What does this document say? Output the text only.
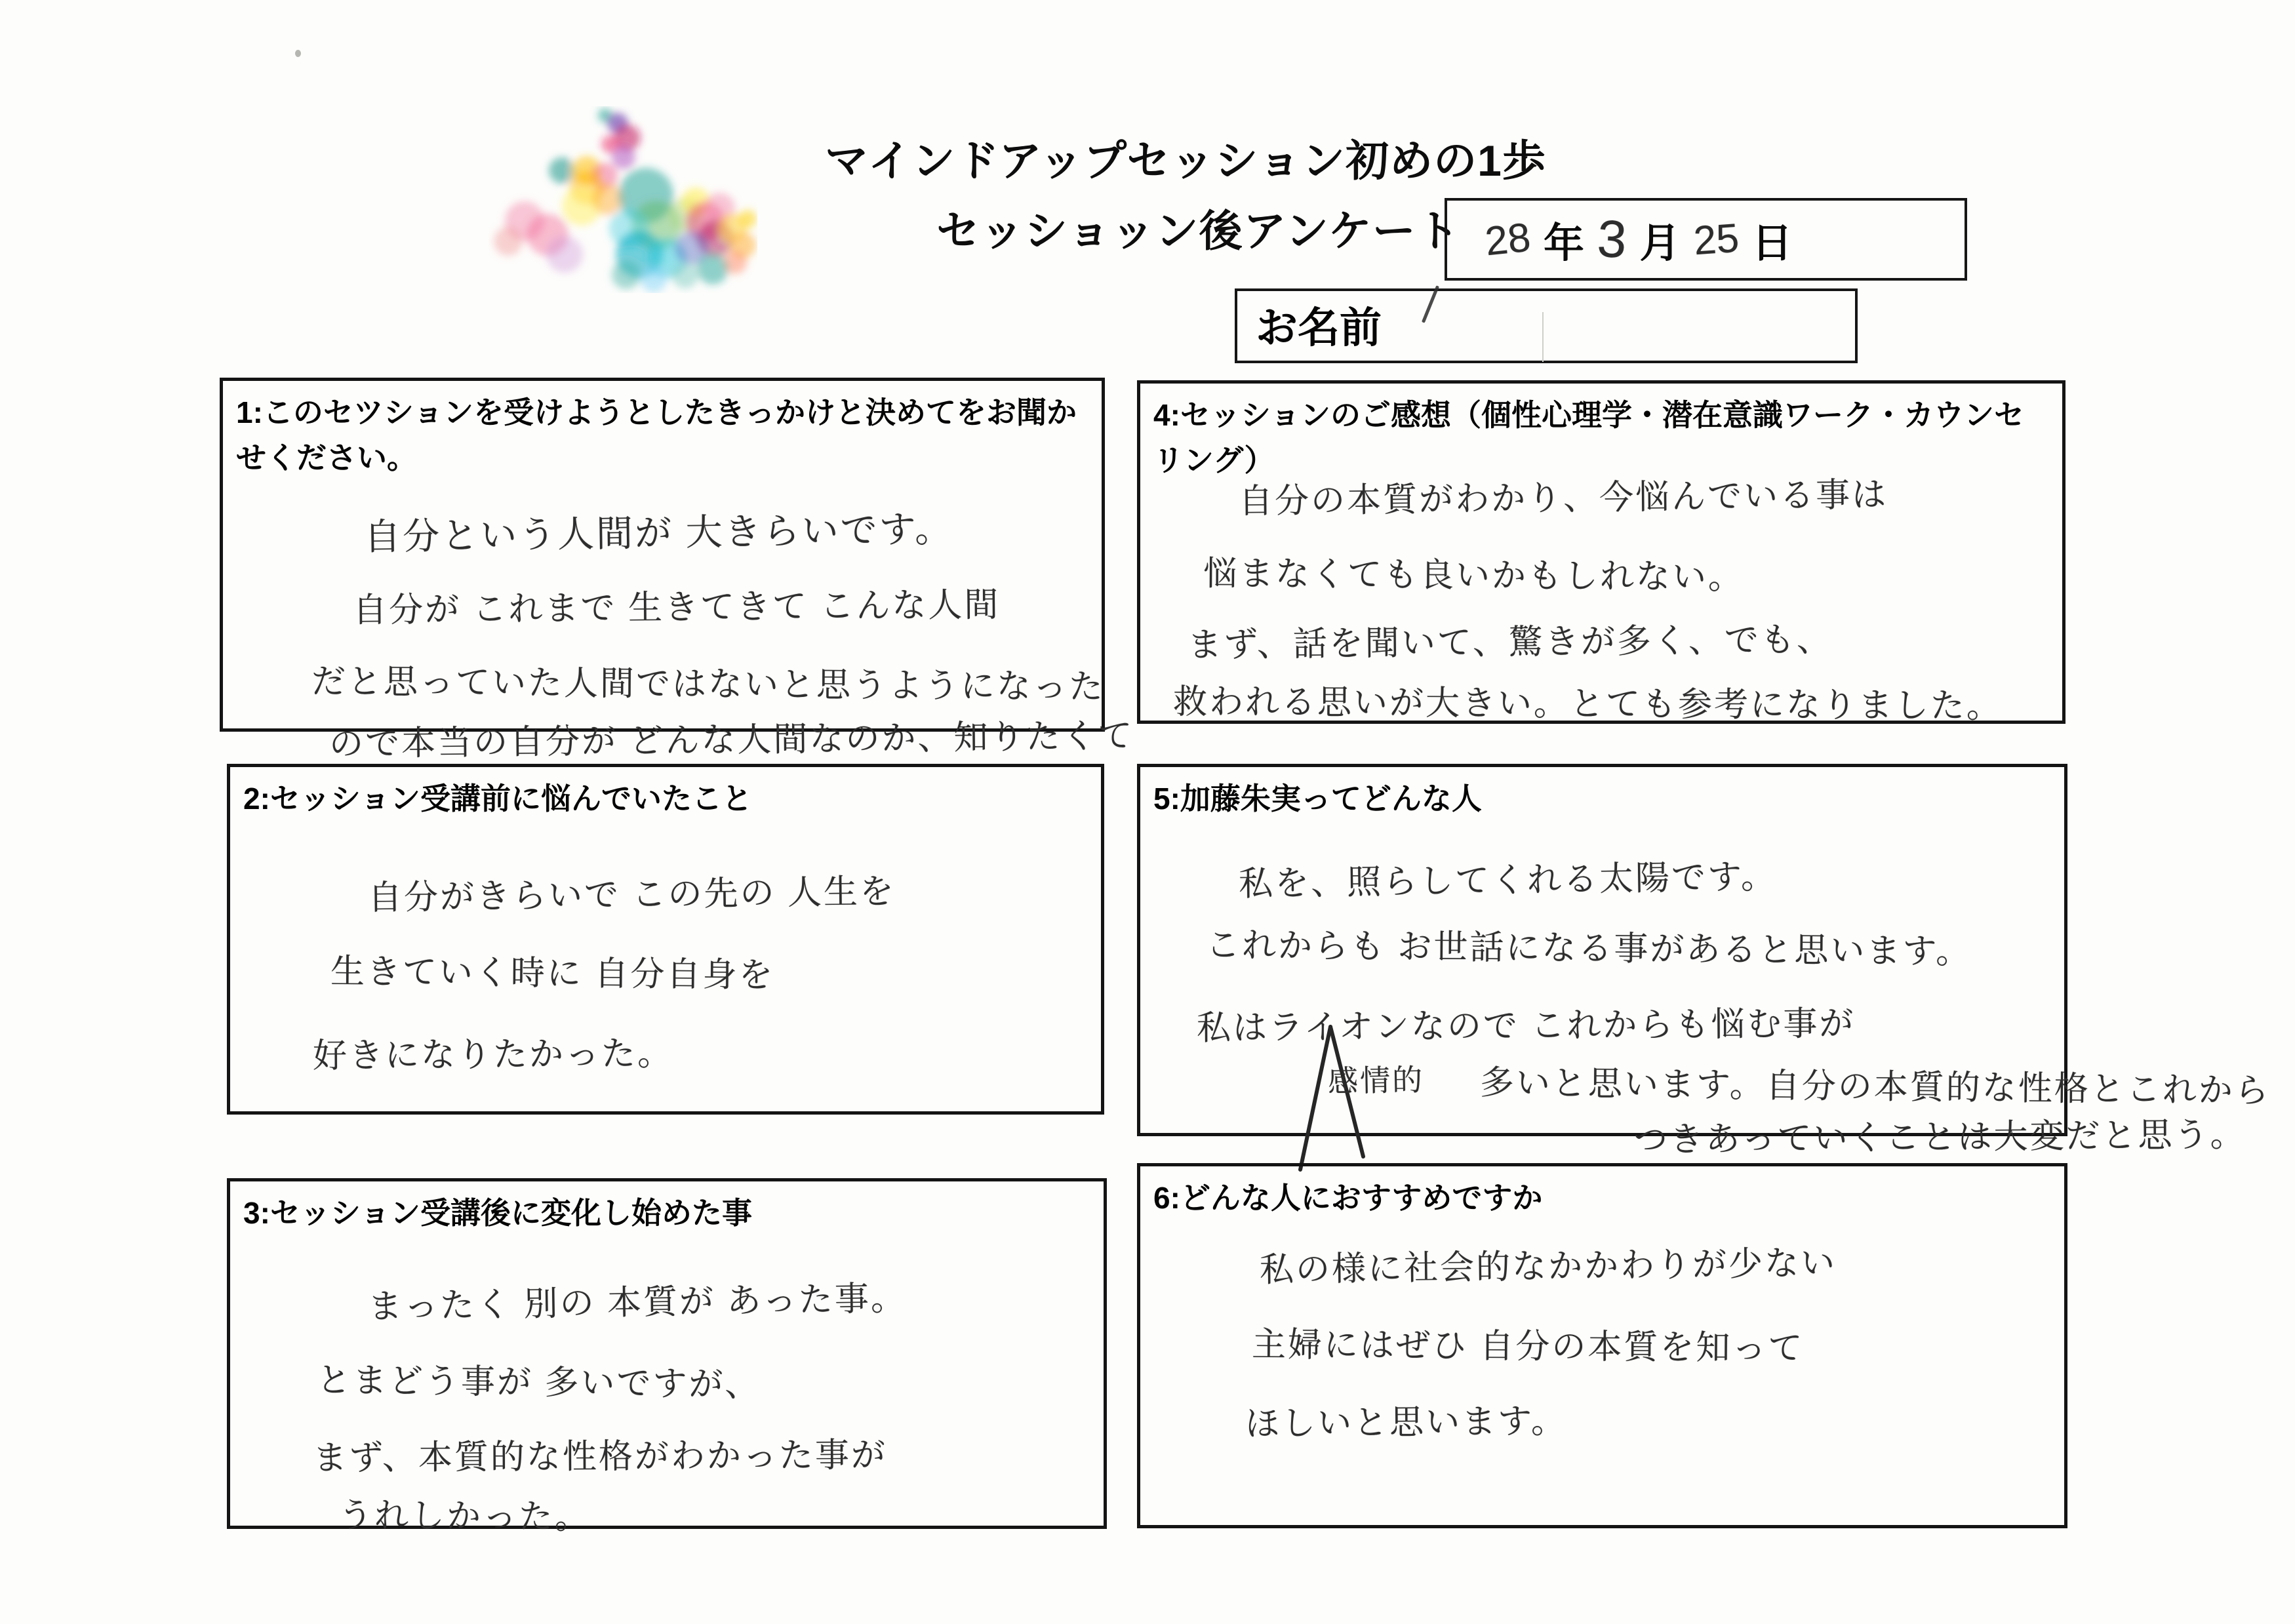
マインドアップセッション初めの1歩
セッショッン後アンケート 28 年 3 月 25 日
お名前
1:このセツションを受けようとしたきっかけと決めてをお聞かせください。
自分という人間が 大きらいです。
自分が これまで 生きてきて こんな人間
だと思っていた人間ではないと思うようになった
ので本当の自分が どんな人間なのか、知りたくて
2:セッション受講前に悩んでいたこと
自分がきらいで この先の 人生を
生きていく時に 自分自身を
好きになりたかった。
3:セッション受講後に変化し始めた事
まったく 別の 本質が あった事。
とまどう事が 多いですが、
まず、本質的な性格がわかった事が
うれしかった。
4:セッションのご感想（個性心理学・潜在意識ワーク・カウンセリング）
自分の本質がわかり、今悩んでいる事は
悩まなくても良いかもしれない。
まず、話を聞いて、驚きが多く、でも、
救われる思いが大きい。とても参考になりました。
5:加藤朱実ってどんな人
私を、照らしてくれる太陽です。
これからも お世話になる事があると思います。
私はライオンなので これからも悩む事が
感情的 多いと思います。自分の本質的な性格とこれから
つきあっていくことは大変だと思う。
6:どんな人におすすめですか
私の様に社会的なかかわりが少ない
主婦にはぜひ 自分の本質を知って
ほしいと思います。
